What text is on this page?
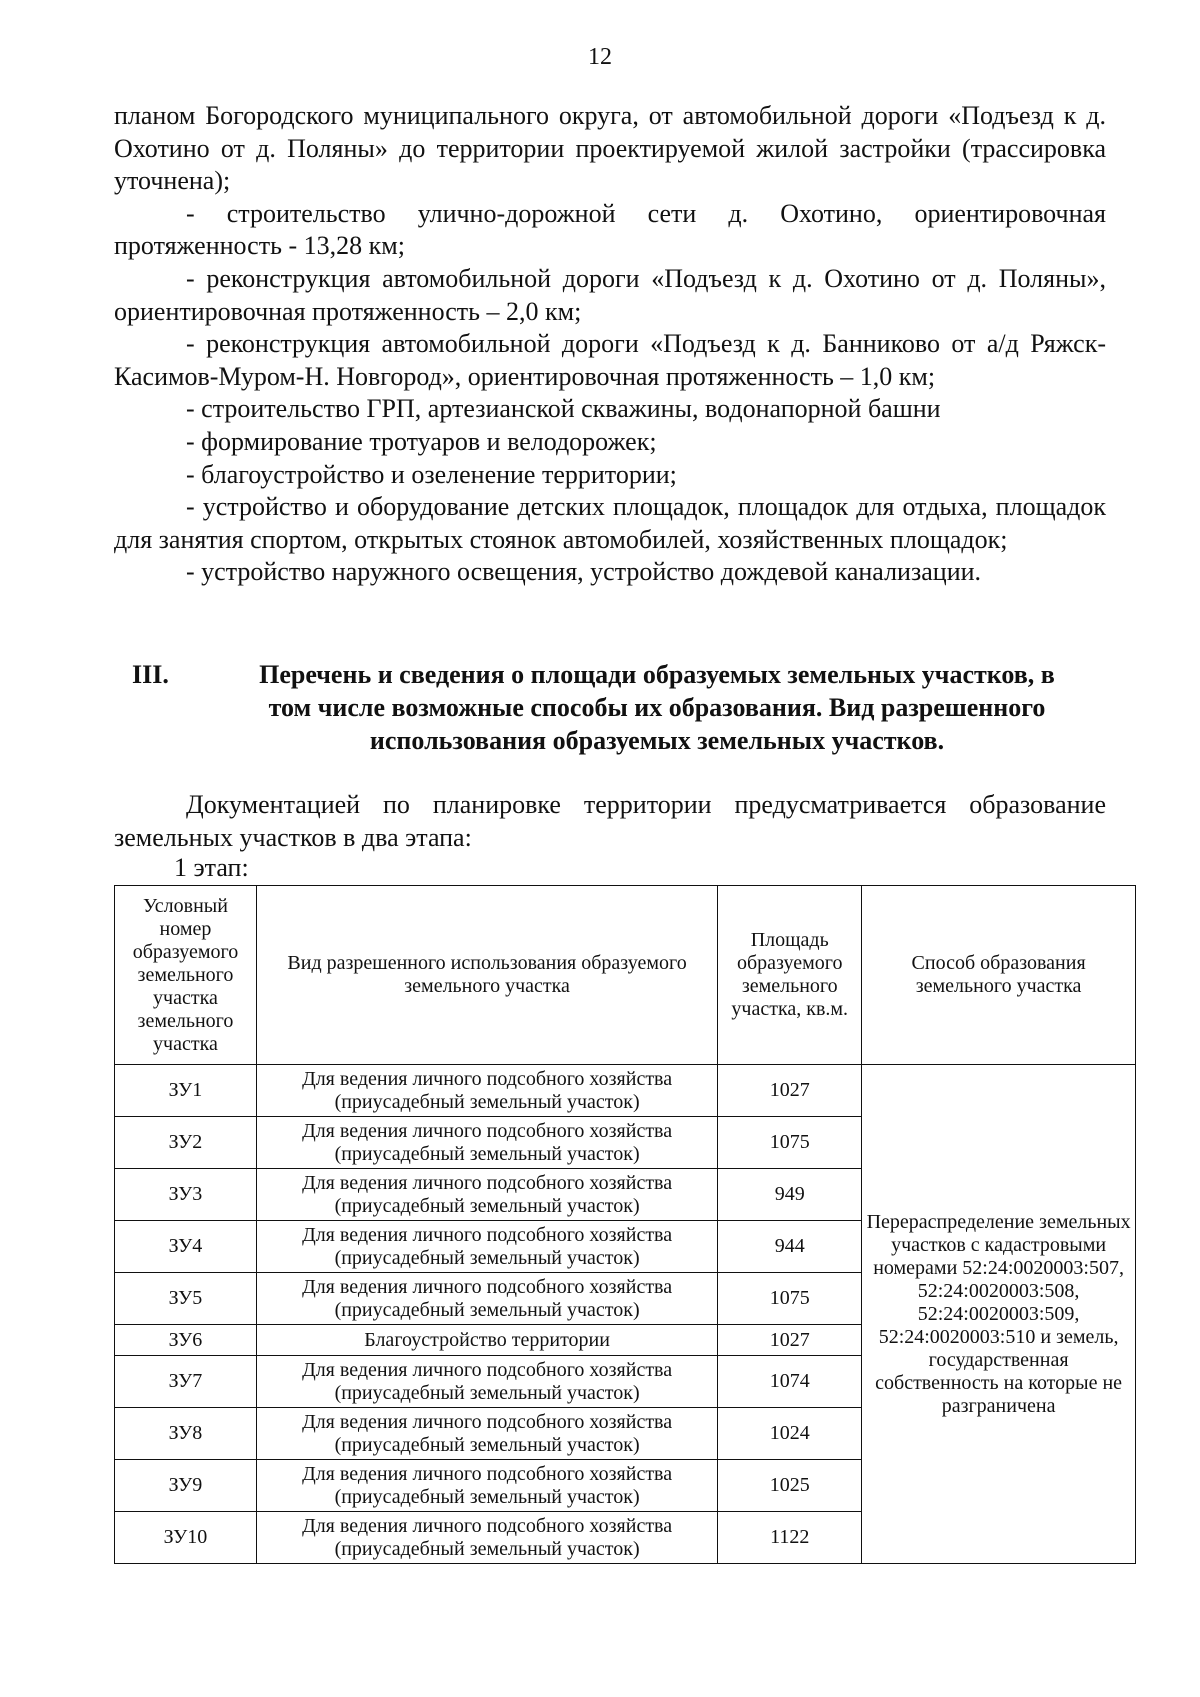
12

планом Богородского муниципального округа, от автомобильной дороги «Подъезд к д. Охотино от д. Поляны» до территории проектируемой жилой застройки (трассировка уточнена);

- строительство улично-дорожной сети д. Охотино, ориентировочная протяженность - 13,28 км;

- реконструкция автомобильной дороги «Подъезд к д. Охотино от д. Поляны», ориентировочная протяженность – 2,0 км;

- реконструкция автомобильной дороги «Подъезд к д. Банниково от а/д Ряжск-Касимов-Муром-Н. Новгород», ориентировочная протяженность – 1,0 км;

- строительство ГРП, артезианской скважины, водонапорной башни

- формирование тротуаров и велодорожек;

- благоустройство и озеленение территории;

- устройство и оборудование детских площадок, площадок для отдыха, площадок для занятия спортом, открытых стоянок автомобилей, хозяйственных площадок;

- устройство наружного освещения, устройство дождевой канализации.

III.	Перечень и сведения о площади образуемых земельных участков, в
том числе возможные способы их образования. Вид разрешенного
использования образуемых земельных участков.

Документацией по планировке территории предусматривается образование земельных участков в два этапа:

1 этап:
Условный номер образуемого земельного участка земельного участка	Вид разрешенного использования образуемого земельного участка	Площадь образуемого земельного участка, кв.м.	Способ образования земельного участка
ЗУ1	Для ведения личного подсобного хозяйства
(приусадебный земельный участок)	1027	Перераспределение земельных участков с кадастровыми номерами 52:24:0020003:507, 52:24:0020003:508, 52:24:0020003:509, 52:24:0020003:510 и земель, государственная собственность на которые не разграничена
ЗУ2	Для ведения личного подсобного хозяйства
(приусадебный земельный участок)	1075	
ЗУ3	Для ведения личного подсобного хозяйства
(приусадебный земельный участок)	949	
ЗУ4	Для ведения личного подсобного хозяйства
(приусадебный земельный участок)	944	
ЗУ5	Для ведения личного подсобного хозяйства
(приусадебный земельный участок)	1075	
ЗУ6	Благоустройство территории	1027	
ЗУ7	Для ведения личного подсобного хозяйства
(приусадебный земельный участок)	1074	
ЗУ8	Для ведения личного подсобного хозяйства
(приусадебный земельный участок)	1024	
ЗУ9	Для ведения личного подсобного хозяйства
(приусадебный земельный участок)	1025	
ЗУ10	Для ведения личного подсобного хозяйства
(приусадебный земельный участок)	1122	
